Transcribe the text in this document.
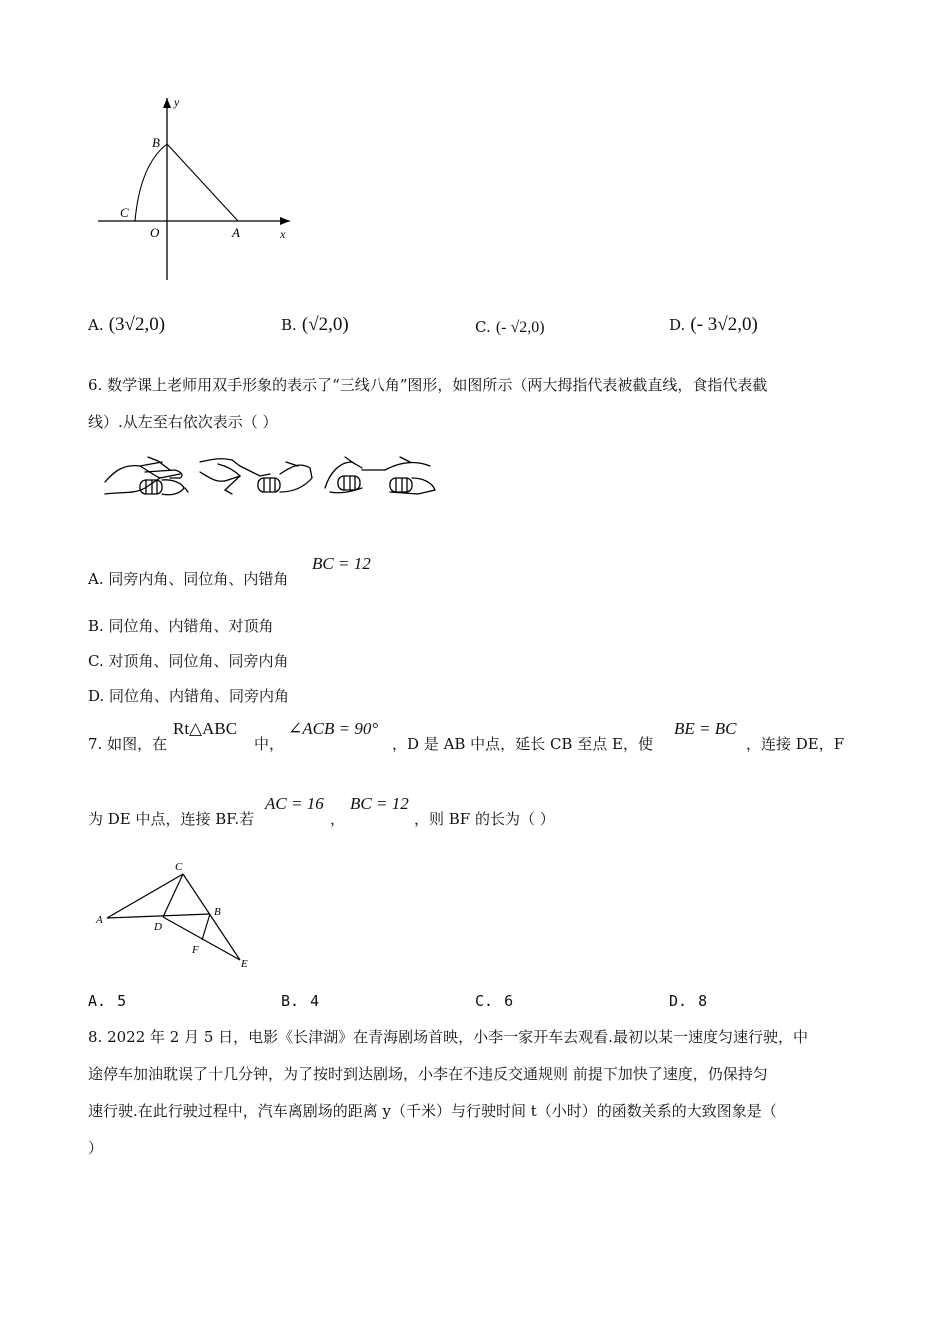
y
x
B
C
O	A
A. (3√2,0)	B. (√2,0)	C. (- √2,0)	D. (- 3√2,0)
6. 数学课上老师用双手形象的表示了“三线八角”图形，如图所示（两大拇指代表被截直线，食指代表截
线）.从左至右依次表示（ ）
A. 同旁内角、同位角、内错角
BC = 12
B. 同位角、内错角、对顶角
C. 对顶角、同位角、同旁内角
D. 同位角、内错角、同旁内角
7. 如图，在
Rt△ABC
中，
∠ACB = 90°
，D 是 AB 中点，延长 CB 至点 E，使
BE = BC
，连接 DE，F
为 DE 中点，连接 BF.若
AC = 16
，
BC = 12
，则 BF 的长为（ ）
C
A
D
B
F
E
A. 5	B. 4	C. 6	D. 8
8. 2022 年 2 月 5 日，电影《长津湖》在青海剧场首映，小李一家开车去观看.最初以某一速度匀速行驶，中
途停车加油耽误了十几分钟，为了按时到达剧场，小李在不违反交通规则 前提下加快了速度，仍保持匀
速行驶.在此行驶过程中，汽车离剧场的距离 y（千米）与行驶时间 t（小时）的函数关系的大致图象是（
）
